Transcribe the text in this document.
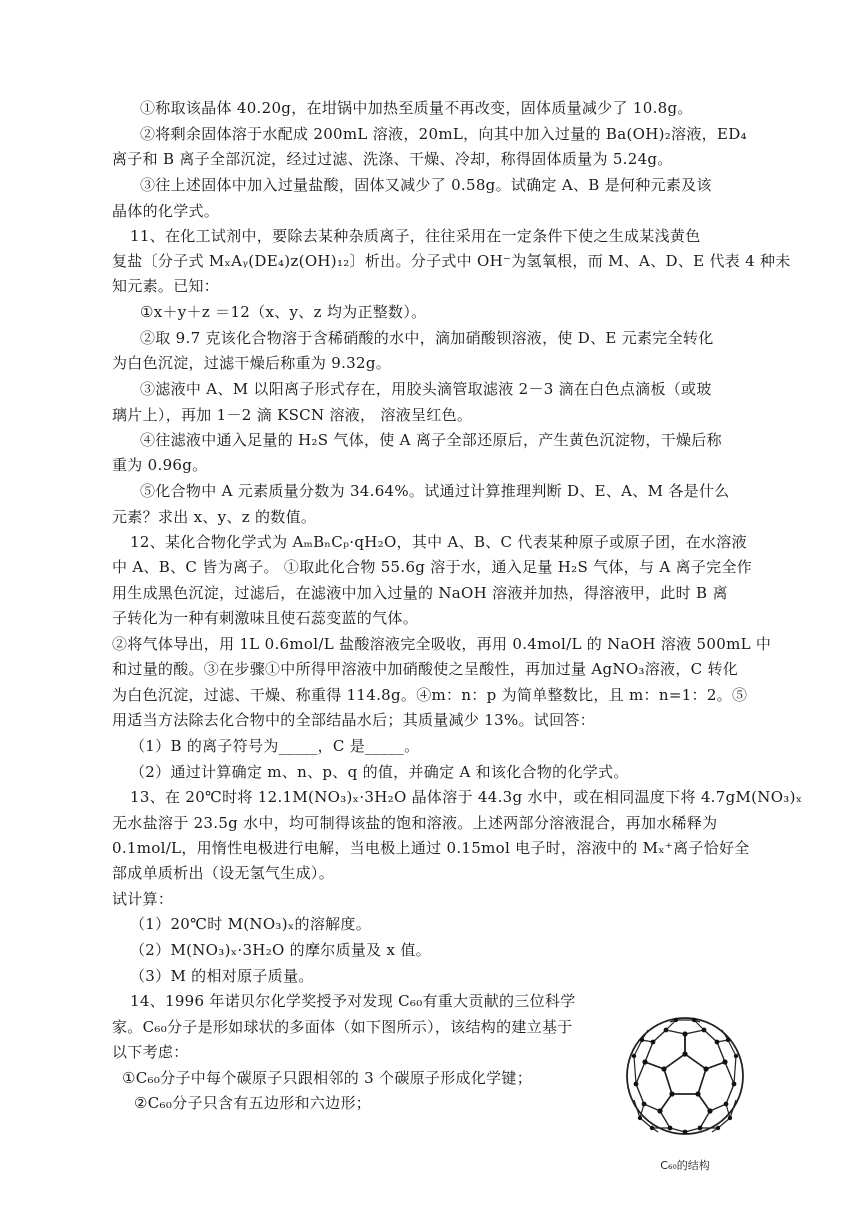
①称取该晶体 40.20g，在坩锅中加热至质量不再改变，固体质量减少了 10.8g。
②将剩余固体溶于水配成 200mL 溶液，20mL，向其中加入过量的 Ba(OH)₂溶液，ED₄
离子和 B 离子全部沉淀，经过过滤、洗涤、干燥、冷却，称得固体质量为 5.24g。
③往上述固体中加入过量盐酸，固体又减少了 0.58g。试确定 A、B 是何种元素及该
晶体的化学式。
11、在化工试剂中，要除去某种杂质离子，往往采用在一定条件下使之生成某浅黄色
复盐〔分子式 MₓAᵧ(DE₄)z(OH)₁₂〕析出。分子式中 OH⁻为氢氧根，而 M、A、D、E 代表 4 种未
知元素。已知：
①x＋y＋z ＝12（x、y、z 均为正整数）。
②取 9.7 克该化合物溶于含稀硝酸的水中，滴加硝酸钡溶液，使 D、E 元素完全转化
为白色沉淀，过滤干燥后称重为 9.32g。
③滤液中 A、M 以阳离子形式存在，用胶头滴管取滤液 2－3 滴在白色点滴板（或玻
璃片上），再加 1－2 滴 KSCN 溶液， 溶液呈红色。
④往滤液中通入足量的 H₂S 气体，使 A 离子全部还原后，产生黄色沉淀物，干燥后称
重为 0.96g。
⑤化合物中 A 元素质量分数为 34.64%。试通过计算推理判断 D、E、A、M 各是什么
元素？求出 x、y、z 的数值。
12、某化合物化学式为 AₘBₙCₚ·qH₂O，其中 A、B、C 代表某种原子或原子团，在水溶液
中 A、B、C 皆为离子。 ①取此化合物 55.6g 溶于水，通入足量 H₂S 气体，与 A 离子完全作
用生成黑色沉淀，过滤后，在滤液中加入过量的 NaOH 溶液并加热，得溶液甲，此时 B 离
子转化为一种有刺激味且使石蕊变蓝的气体。
②将气体导出，用 1L 0.6mol/L 盐酸溶液完全吸收，再用 0.4mol/L 的 NaOH 溶液 500mL 中
和过量的酸。③在步骤①中所得甲溶液中加硝酸使之呈酸性，再加过量 AgNO₃溶液，C 转化
为白色沉淀，过滤、干燥、称重得 114.8g。④m：n：p 为简单整数比，且 m：n=1：2。⑤
用适当方法除去化合物中的全部结晶水后；其质量减少 13%。试回答：
（1）B 的离子符号为_____，C 是_____。
（2）通过计算确定 m、n、p、q 的值，并确定 A 和该化合物的化学式。
13、在 20℃时将 12.1M(NO₃)ₓ·3H₂O 晶体溶于 44.3g 水中，或在相同温度下将 4.7gM(NO₃)ₓ
无水盐溶于 23.5g 水中，均可制得该盐的饱和溶液。上述两部分溶液混合，再加水稀释为
0.1mol/L，用惰性电极进行电解，当电极上通过 0.15mol 电子时，溶液中的 Mₓ⁺离子恰好全
部成单质析出（设无氢气生成）。
试计算：
（1）20℃时 M(NO₃)ₓ的溶解度。
（2）M(NO₃)ₓ·3H₂O 的摩尔质量及 x 值。
（3）M 的相对原子质量。
14、1996 年诺贝尔化学奖授予对发现 C₆₀有重大贡献的三位科学
家。C₆₀分子是形如球状的多面体（如下图所示），该结构的建立基于
以下考虑：
①C₆₀分子中每个碳原子只跟相邻的 3 个碳原子形成化学键；
②C₆₀分子只含有五边形和六边形；
C₆₀的结构
